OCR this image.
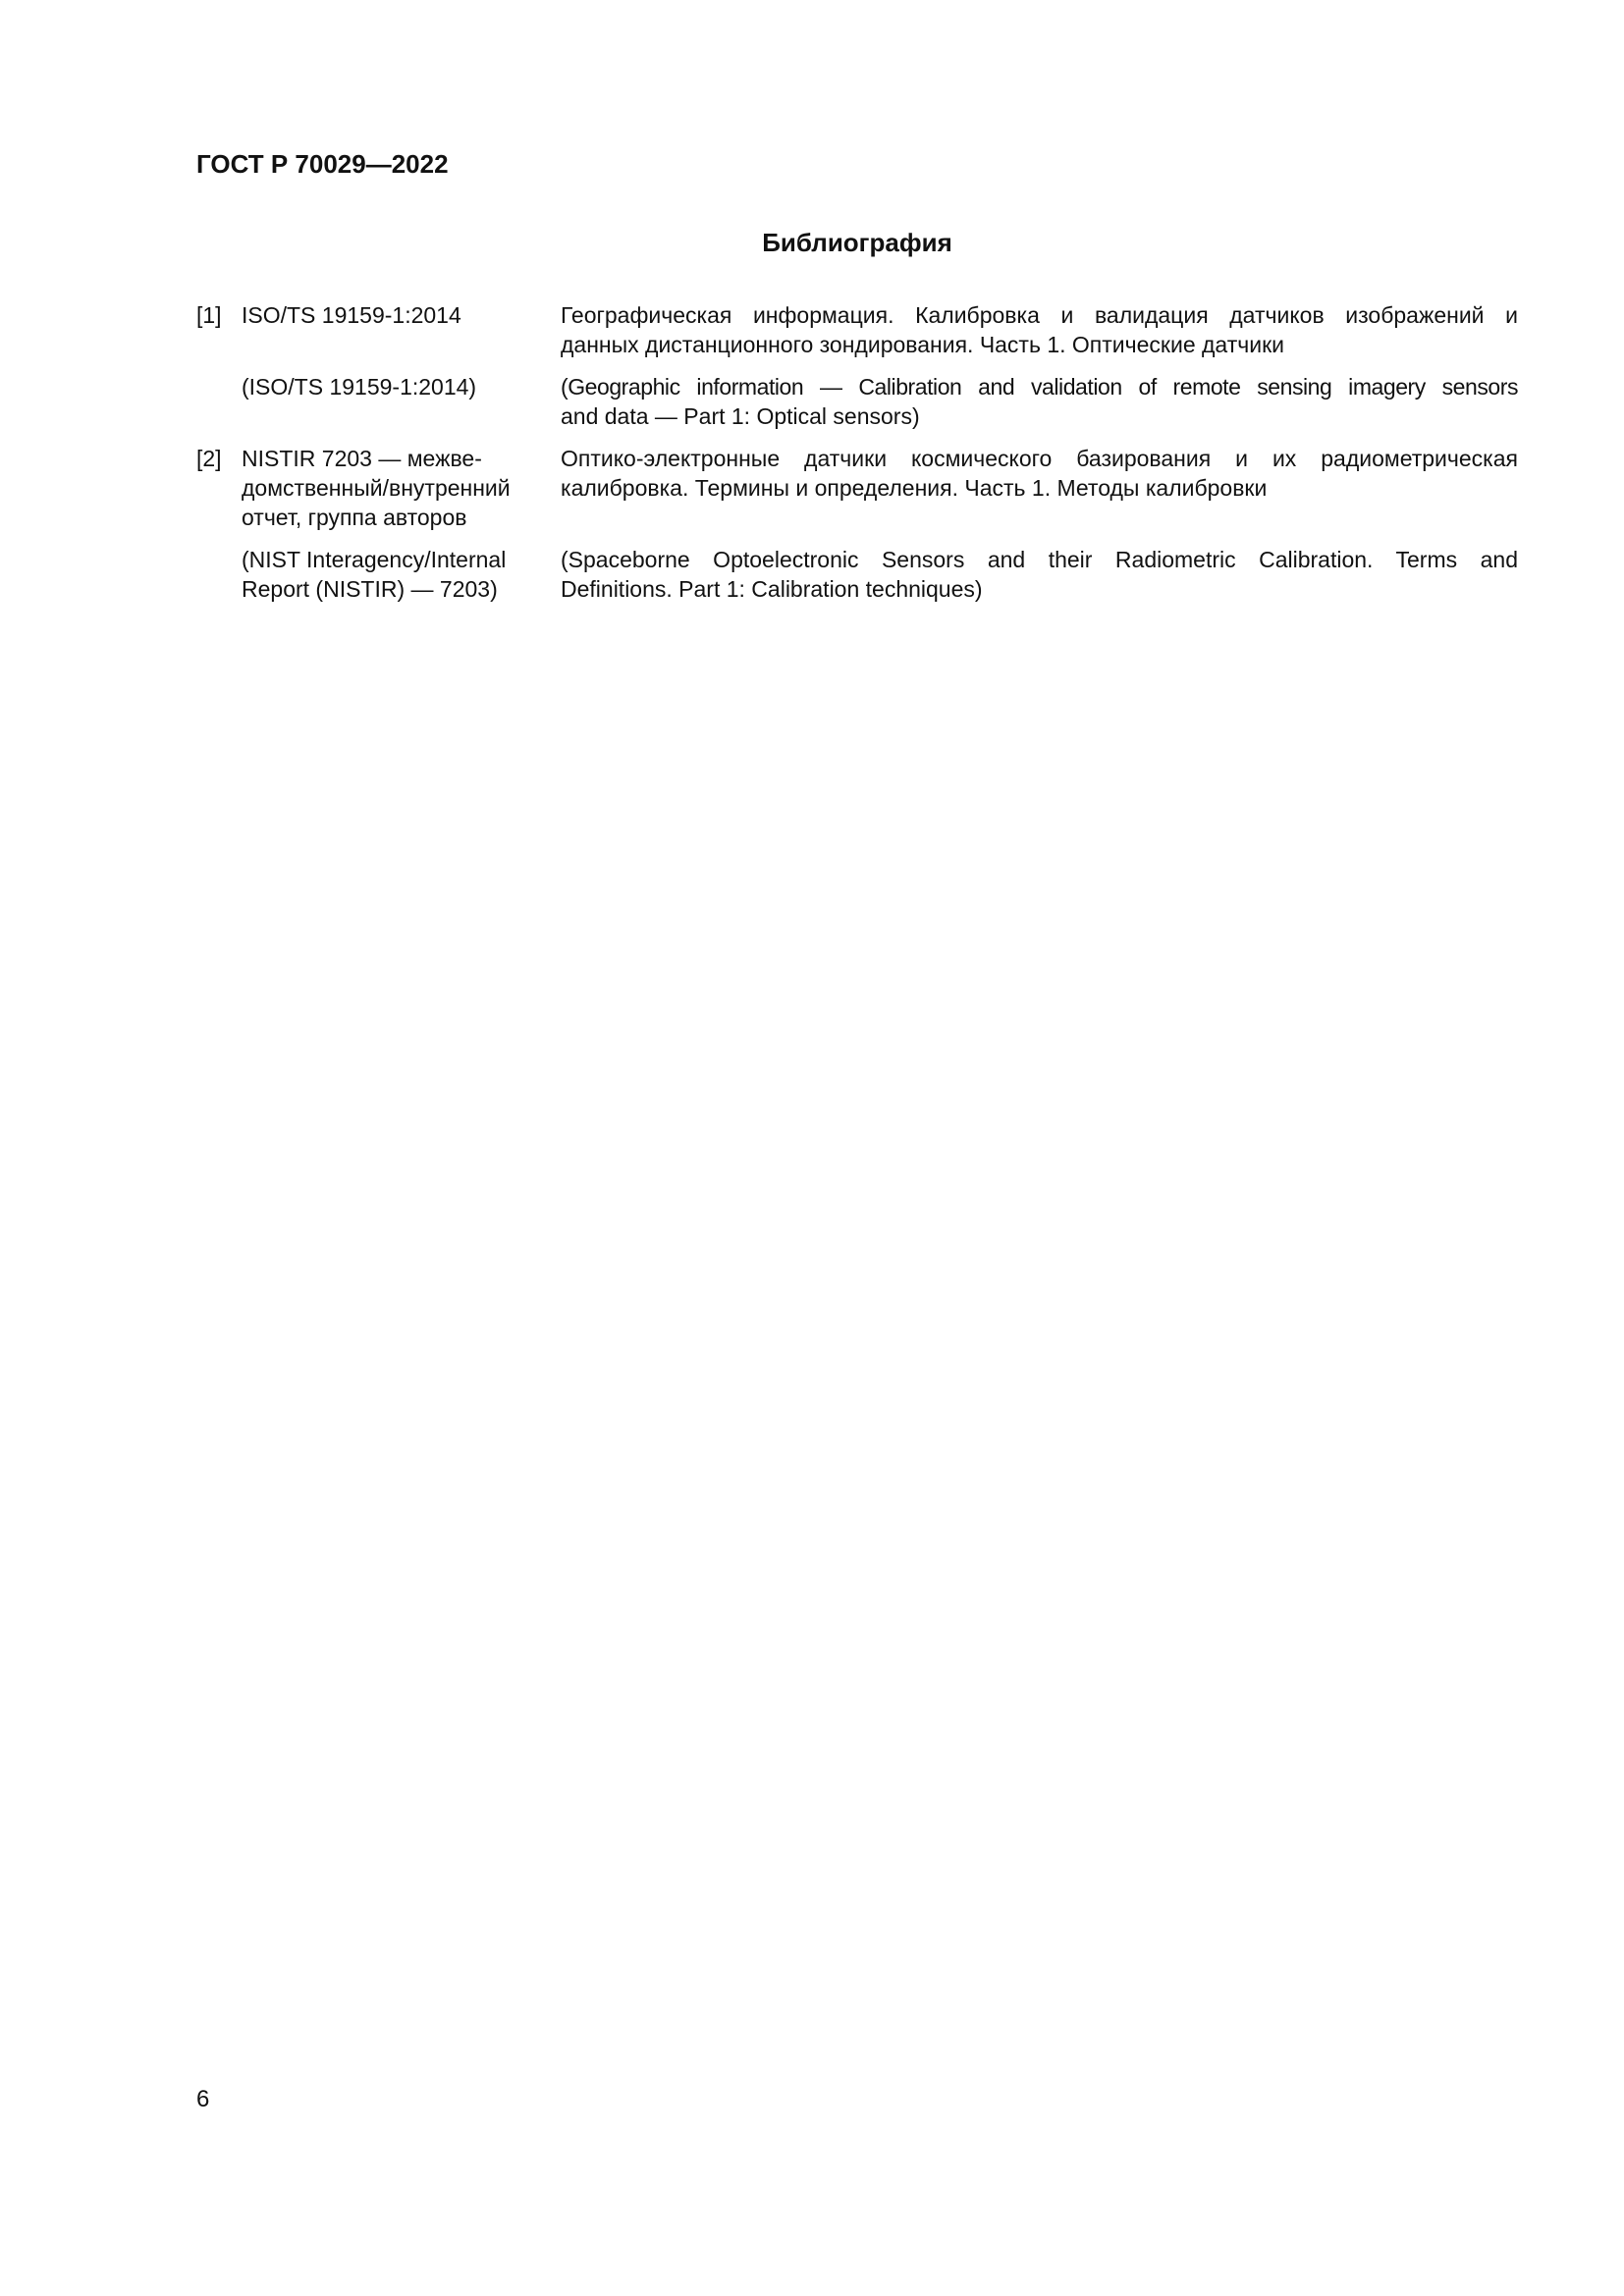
ГОСТ Р 70029—2022
Библиография
[1] ISO/TS 19159-1:2014	Географическая информация. Калибровка и валидация датчиков изображений и
данных дистанционного зондирования. Часть 1. Оптические датчики
(ISO/TS 19159-1:2014)	(Geographic information — Calibration and validation of remote sensing imagery sensors
and data — Part 1: Optical sensors)
[2] NISTIR 7203 — межве-
домственный/внутренний
отчет, группа авторов
Оптико-электронные датчики космического базирования и их радиометрическая
калибровка. Термины и определения. Часть 1. Методы калибровки
(NIST Interagency/Internal
Report (NISTIR) — 7203)
(Spaceborne Optoelectronic Sensors and their Radiometric Calibration. Terms and
Definitions. Part 1: Calibration techniques)
6
